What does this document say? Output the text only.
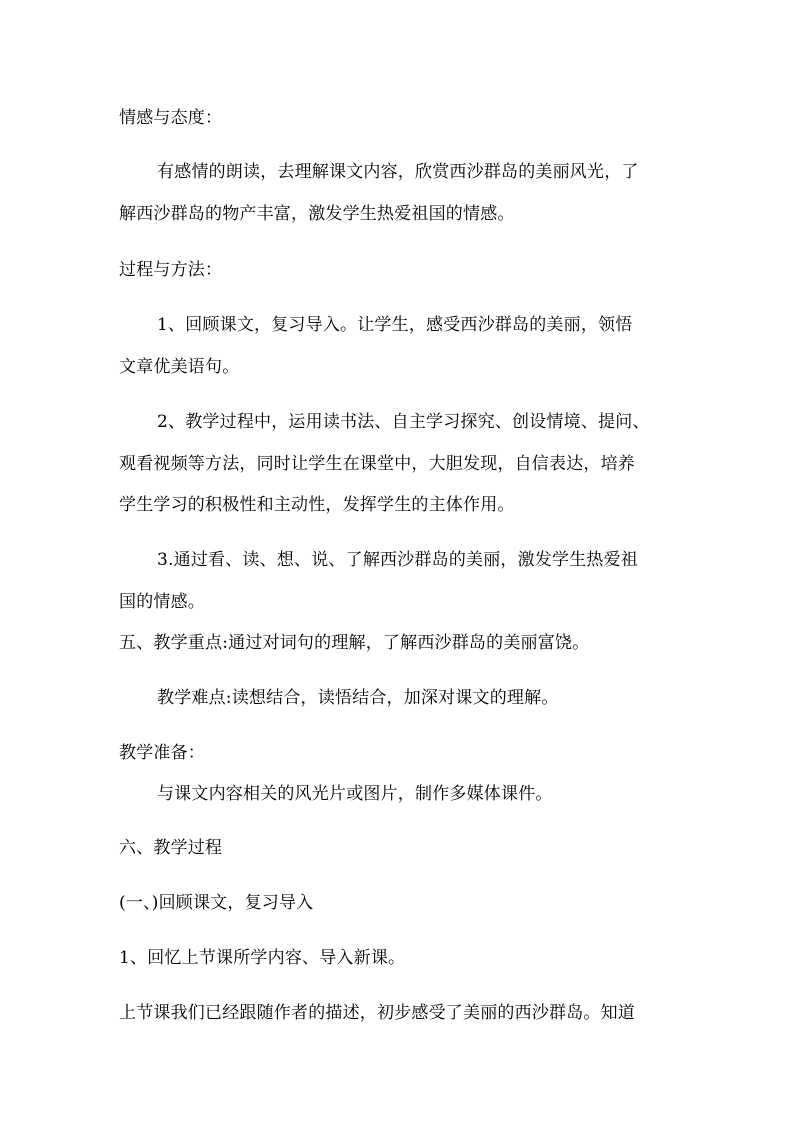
情感与态度：
有感情的朗读，去理解课文内容，欣赏西沙群岛的美丽风光，了
解西沙群岛的物产丰富，激发学生热爱祖国的情感。
过程与方法：
1、回顾课文，复习导入。让学生，感受西沙群岛的美丽，领悟
文章优美语句。
2、教学过程中，运用读书法、自主学习探究、创设情境、提问、
观看视频等方法，同时让学生在课堂中，大胆发现，自信表达，培养
学生学习的积极性和主动性，发挥学生的主体作用。
3.通过看、读、想、说、了解西沙群岛的美丽，激发学生热爱祖
国的情感。
五、教学重点:通过对词句的理解，了解西沙群岛的美丽富饶。
教学难点:读想结合，读悟结合，加深对课文的理解。
教学准备：
与课文内容相关的风光片或图片，制作多媒体课件。
六、教学过程
(一、)回顾课文，复习导入
1、回忆上节课所学内容、导入新课。
上节课我们已经跟随作者的描述，初步感受了美丽的西沙群岛。知道
